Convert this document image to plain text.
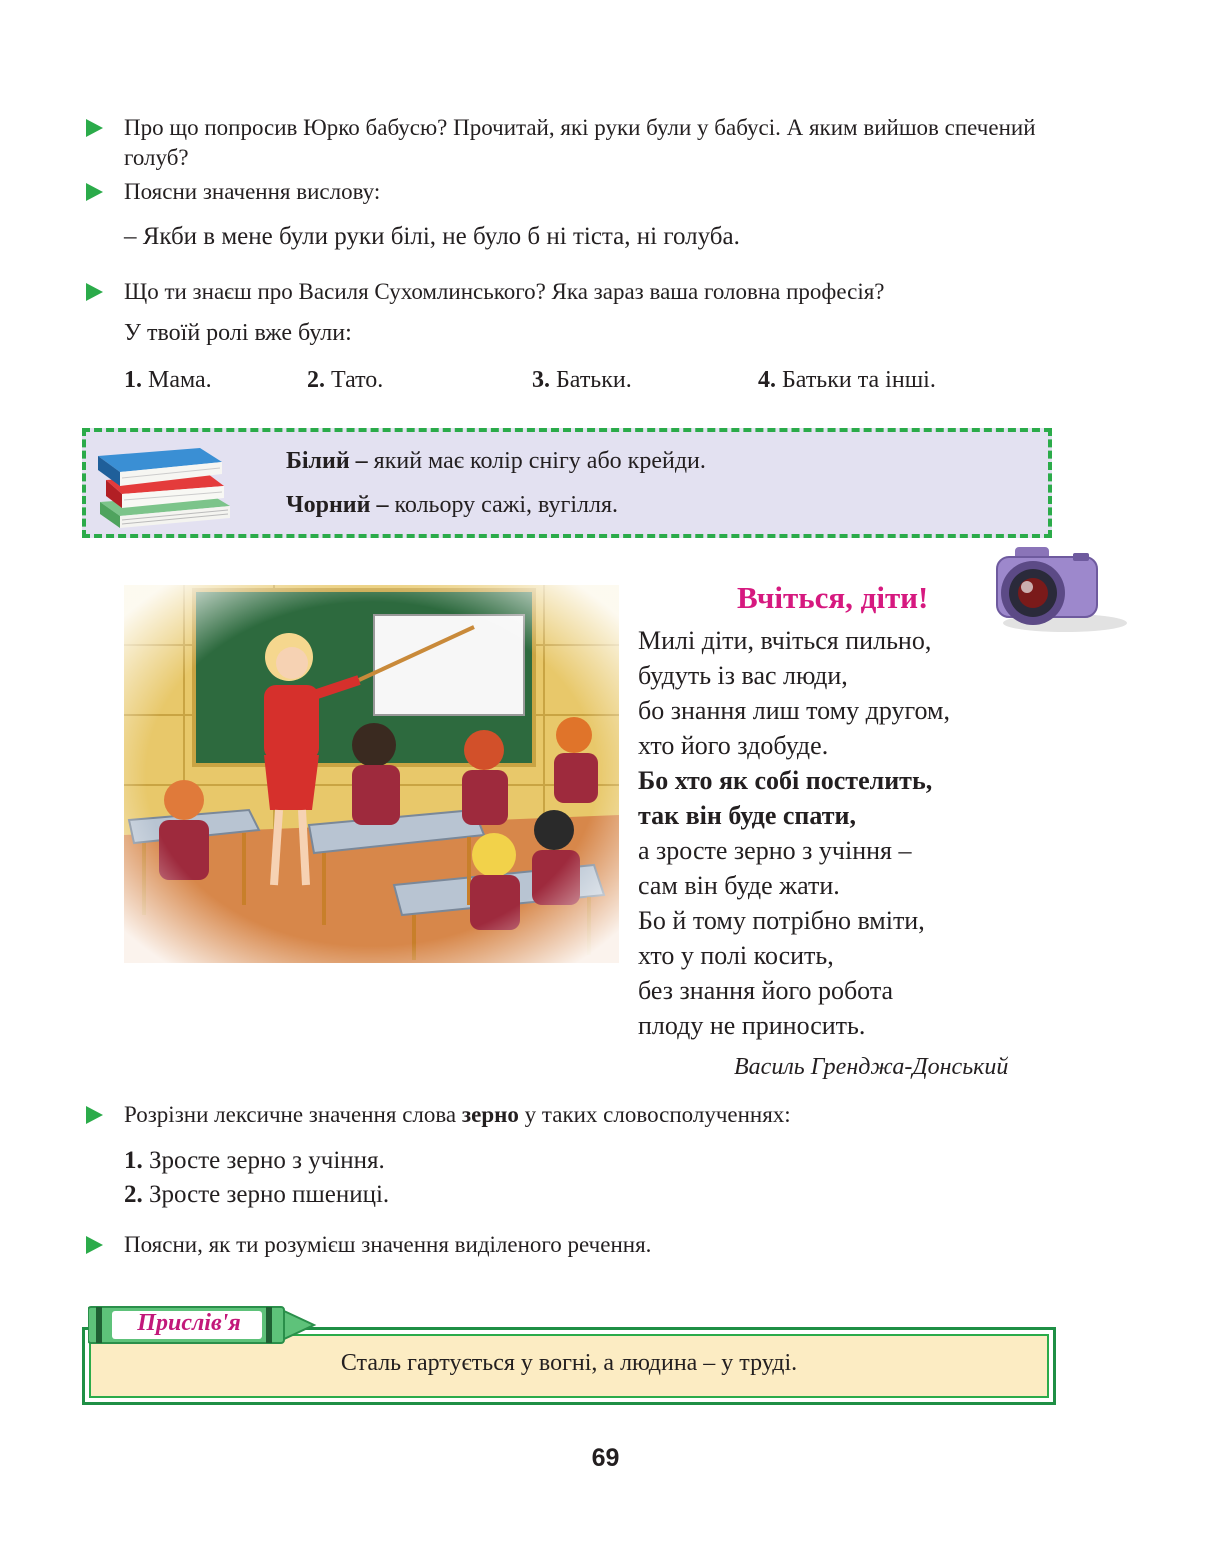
Про що попросив Юрко бабусю? Прочитай, які руки були у бабусі. А яким вийшов спечений голуб?
Поясни значення вислову:
– Якби в мене були руки білі, не було б ні тіста, ні голуба.
Що ти знаєш про Василя Сухомлинського? Яка зараз ваша головна професія?
У твоїй ролі вже були:
1. Мама.	2. Тато.	3. Батьки.	4. Батьки та інші.
Білий – який має колір снігу або крейди.
Чорний – кольору сажі, вугілля.
Вчіться, діти!
Милі діти, вчіться пильно,
будуть із вас люди,
бо знання лиш тому другом,
хто його здобуде.
Бо хто як собі постелить,
так він буде спати,
а зросте зерно з учіння –
сам він буде жати.
Бо й тому потрібно вміти,
хто у полі косить,
без знання його робота
плоду не приносить.
Василь Гренджа-Донський
Розрізни лексичне значення слова зерно у таких словосполученнях:
1. Зросте зерно з учіння.
2. Зросте зерно пшениці.
Поясни, як ти розумієш значення виділеного речення.
Сталь гартується у вогні, а людина – у труді.
Прислів'я
69
